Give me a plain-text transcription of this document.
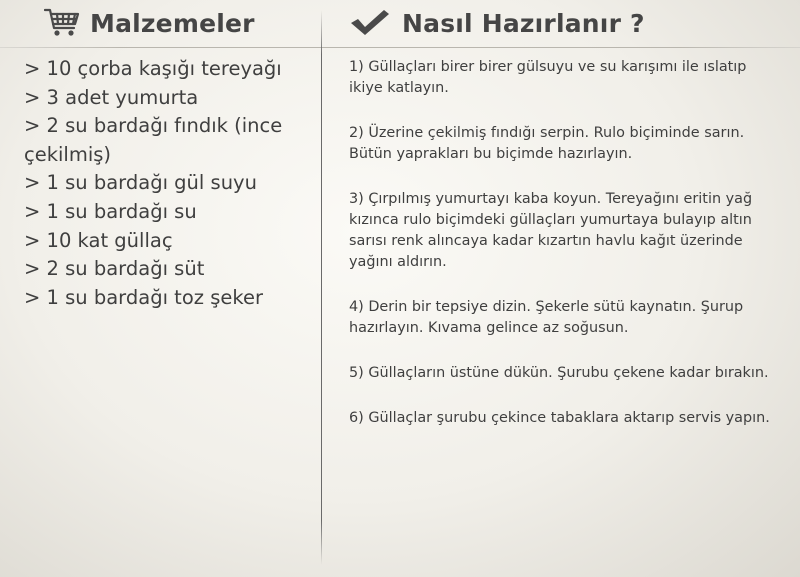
Malzemeler
> 10 çorba kaşığı tereyağı
> 3 adet yumurta
> 2 su bardağı fındık (ince çekilmiş)
> 1 su bardağı gül suyu
> 1 su bardağı su
> 10 kat güllaç
> 2 su bardağı süt
> 1 su bardağı toz şeker
Nasıl Hazırlanır ?

1) Güllaçları birer birer gülsuyu ve su karışımı ile ıslatıp ikiye katlayın.

2) Üzerine çekilmiş fındığı serpin. Rulo biçiminde sarın. Bütün yaprakları bu biçimde hazırlayın.

3) Çırpılmış yumurtayı kaba koyun. Tereyağını eritin yağ kızınca rulo biçimdeki güllaçları yumurtaya bulayıp altın sarısı renk alıncaya kadar kızartın havlu kağıt üzerinde yağını aldırın.

4) Derin bir tepsiye dizin. Şekerle sütü kaynatın. Şurup hazırlayın. Kıvama gelince az soğusun.

5) Güllaçların üstüne dükün. Şurubu çekene kadar bırakın.

6) Güllaçlar şurubu çekince tabaklara aktarıp servis yapın.
